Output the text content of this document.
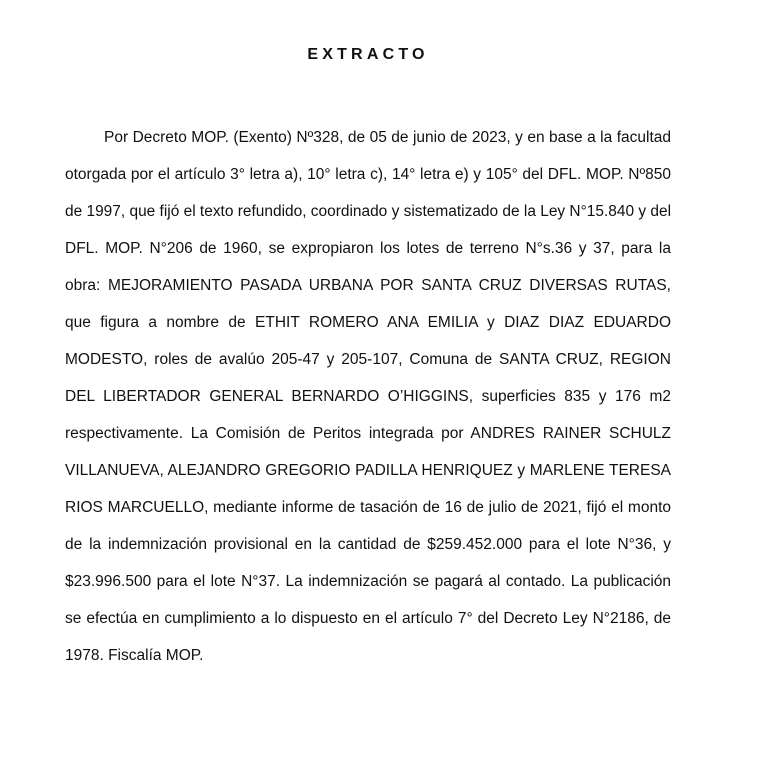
EXTRACTO
Por Decreto MOP. (Exento) Nº328, de 05 de junio de 2023, y en base a la facultad
otorgada por el artículo 3° letra a), 10° letra c), 14° letra e) y 105° del DFL. MOP. Nº850
de 1997, que fijó el texto refundido, coordinado y sistematizado de la Ley N°15.840 y del
DFL. MOP. N°206 de 1960, se expropiaron los lotes de terreno N°s.36 y 37, para la
obra: MEJORAMIENTO PASADA URBANA POR SANTA CRUZ DIVERSAS RUTAS,
que figura a nombre de ETHIT ROMERO ANA EMILIA y DIAZ DIAZ EDUARDO
MODESTO, roles de avalúo 205-47 y 205-107, Comuna de SANTA CRUZ, REGION
DEL LIBERTADOR GENERAL BERNARDO O’HIGGINS, superficies 835 y 176 m2
respectivamente. La Comisión de Peritos integrada por ANDRES RAINER SCHULZ
VILLANUEVA, ALEJANDRO GREGORIO PADILLA HENRIQUEZ y MARLENE TERESA
RIOS MARCUELLO, mediante informe de tasación de 16 de julio de 2021, fijó el monto
de la indemnización provisional en la cantidad de $259.452.000 para el lote N°36, y
$23.996.500 para el lote N°37. La indemnización se pagará al contado. La publicación
se efectúa en cumplimiento a lo dispuesto en el artículo 7° del Decreto Ley N°2186, de
1978. Fiscalía MOP.
